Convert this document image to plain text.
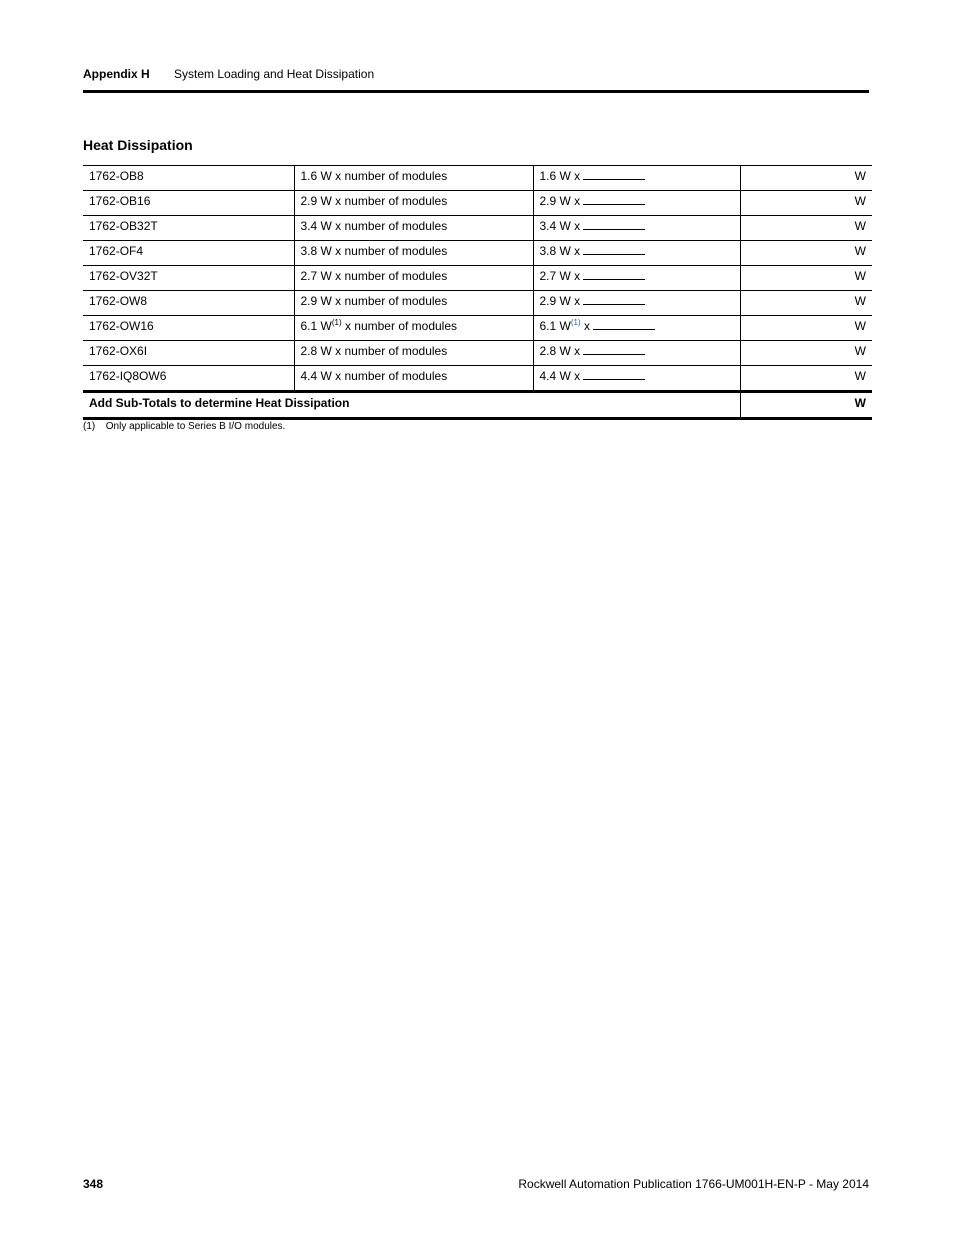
Appendix H System Loading and Heat Dissipation
Heat Dissipation
1762-OB8	1.6 W x number of modules	1.6 W x	W
1762-OB16	2.9 W x number of modules	2.9 W x	W
1762-OB32T	3.4 W x number of modules	3.4 W x	W
1762-OF4	3.8 W x number of modules	3.8 W x	W
1762-OV32T	2.7 W x number of modules	2.7 W x	W
1762-OW8	2.9 W x number of modules	2.9 W x	W
1762-OW16	6.1 $W^{(1)}$ x number of modules	6.1 $W^{(1)}$ x	W
1762-OX6I	2.8 W x number of modules	2.8 W x	W
1762-IQ8OW6	4.4 W x number of modules	4.4 W x	W
Add Sub-Totals to determine Heat Dissipation			W
(1) Only applicable to Series B I/O modules.
348	Rockwell Automation Publication 1766-UM001H-EN-P - May 2014
